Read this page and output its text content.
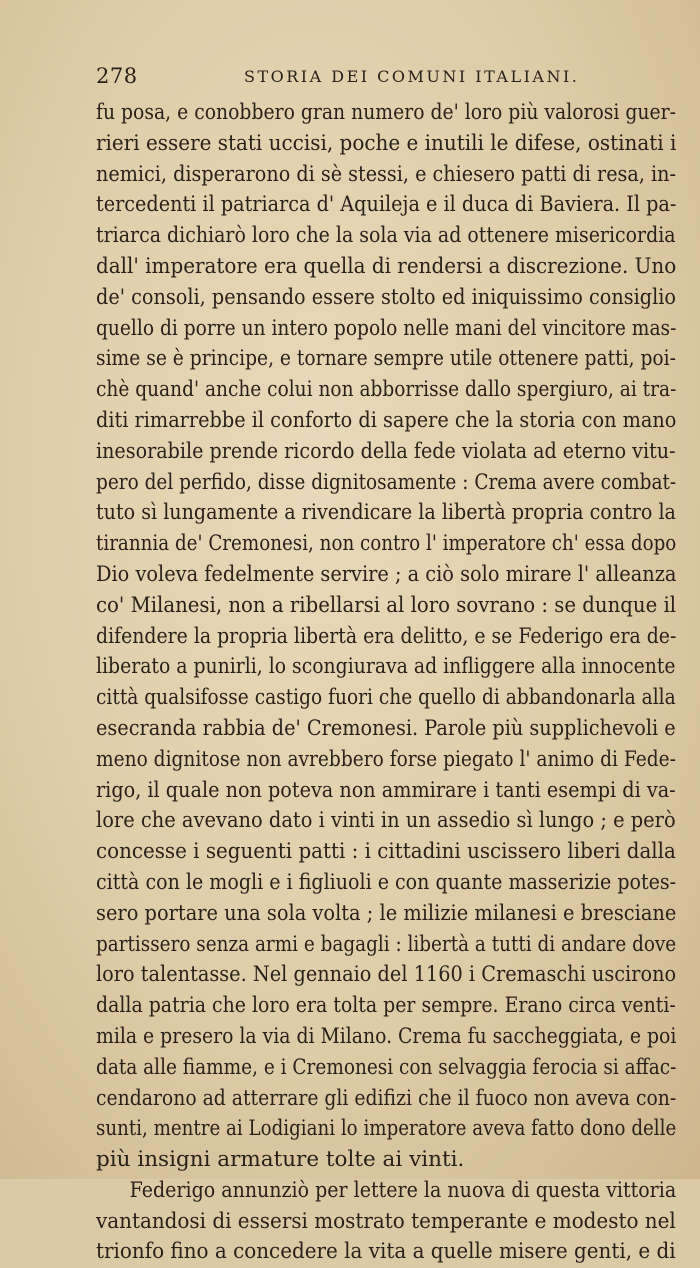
278	STORIA DEI COMUNI ITALIANI.
fu posa, e conobbero gran numero de' loro più valorosi guer-
rieri essere stati uccisi, poche e inutili le difese, ostinati i
nemici, disperarono di sè stessi, e chiesero patti di resa, in-
tercedenti il patriarca d' Aquileja e il duca di Baviera. Il pa-
triarca dichiarò loro che la sola via ad ottenere misericordia
dall' imperatore era quella di rendersi a discrezione. Uno
de' consoli, pensando essere stolto ed iniquissimo consiglio
quello di porre un intero popolo nelle mani del vincitore mas-
sime se è principe, e tornare sempre utile ottenere patti, poi-
chè quand' anche colui non abborrisse dallo spergiuro, ai tra-
diti rimarrebbe il conforto di sapere che la storia con mano
inesorabile prende ricordo della fede violata ad eterno vitu-
pero del perfido, disse dignitosamente : Crema avere combat-
tuto sì lungamente a rivendicare la libertà propria contro la
tirannia de' Cremonesi, non contro l' imperatore ch' essa dopo
Dio voleva fedelmente servire ; a ciò solo mirare l' alleanza
co' Milanesi, non a ribellarsi al loro sovrano : se dunque il
difendere la propria libertà era delitto, e se Federigo era de-
liberato a punirli, lo scongiurava ad infliggere alla innocente
città qualsifosse castigo fuori che quello di abbandonarla alla
esecranda rabbia de' Cremonesi. Parole più supplichevoli e
meno dignitose non avrebbero forse piegato l' animo di Fede-
rigo, il quale non poteva non ammirare i tanti esempi di va-
lore che avevano dato i vinti in un assedio sì lungo ; e però
concesse i seguenti patti : i cittadini uscissero liberi dalla
città con le mogli e i figliuoli e con quante masserizie potes-
sero portare una sola volta ; le milizie milanesi e bresciane
partissero senza armi e bagagli : libertà a tutti di andare dove
loro talentasse. Nel gennaio del 1160 i Cremaschi uscirono
dalla patria che loro era tolta per sempre. Erano circa venti-
mila e presero la via di Milano. Crema fu saccheggiata, e poi
data alle fiamme, e i Cremonesi con selvaggia ferocia si affac-
cendarono ad atterrare gli edifizi che il fuoco non aveva con-
sunti, mentre ai Lodigiani lo imperatore aveva fatto dono delle
più insigni armature tolte ai vinti.
Federigo annunziò per lettere la nuova di questa vittoria
vantandosi di essersi mostrato temperante e modesto nel
trionfo fino a concedere la vita a quelle misere genti, e di
